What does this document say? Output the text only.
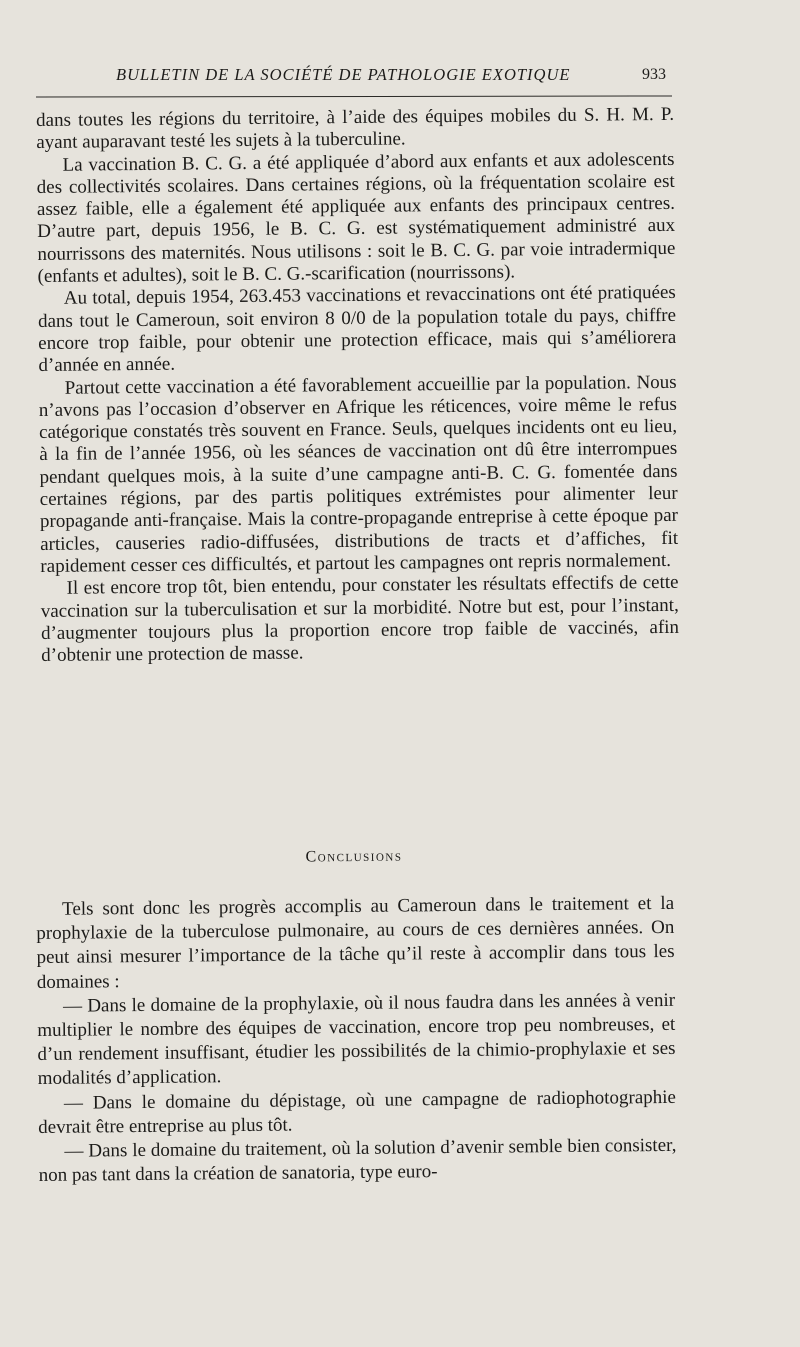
BULLETIN DE LA SOCIÉTÉ DE PATHOLOGIE EXOTIQUE	933

dans toutes les régions du territoire, à l’aide des équipes mobiles du S. H. M. P. ayant auparavant testé les sujets à la tuberculine.

La vaccination B. C. G. a été appliquée d’abord aux enfants et aux adolescents des collectivités scolaires. Dans certaines régions, où la fréquentation scolaire est assez faible, elle a également été appliquée aux enfants des principaux centres. D’autre part, depuis 1956, le B. C. G. est systématiquement administré aux nourrissons des maternités. Nous utilisons : soit le B. C. G. par voie intradermique (enfants et adultes), soit le B. C. G.-scarification (nourrissons).

Au total, depuis 1954, 263.453 vaccinations et revaccinations ont été pratiquées dans tout le Cameroun, soit environ 8 0/0 de la population totale du pays, chiffre encore trop faible, pour obtenir une protection efficace, mais qui s’améliorera d’année en année.

Partout cette vaccination a été favorablement accueillie par la population. Nous n’avons pas l’occasion d’observer en Afrique les réticences, voire même le refus catégorique constatés très souvent en France. Seuls, quelques incidents ont eu lieu, à la fin de l’année 1956, où les séances de vaccination ont dû être interrompues pendant quelques mois, à la suite d’une campagne anti-B. C. G. fomentée dans certaines régions, par des partis politiques extrémistes pour alimenter leur propagande anti-française. Mais la contre-propagande entreprise à cette époque par articles, causeries radio-diffusées, distributions de tracts et d’affiches, fit rapidement cesser ces difficultés, et partout les campagnes ont repris normalement.

Il est encore trop tôt, bien entendu, pour constater les résultats effectifs de cette vaccination sur la tuberculisation et sur la morbidité. Notre but est, pour l’instant, d’augmenter toujours plus la proportion encore trop faible de vaccinés, afin d’obtenir une protection de masse.

Conclusions

Tels sont donc les progrès accomplis au Cameroun dans le traitement et la prophylaxie de la tuberculose pulmonaire, au cours de ces dernières années. On peut ainsi mesurer l’importance de la tâche qu’il reste à accomplir dans tous les domaines :

— Dans le domaine de la prophylaxie, où il nous faudra dans les années à venir multiplier le nombre des équipes de vaccination, encore trop peu nombreuses, et d’un rendement insuffisant, étudier les possibilités de la chimio-prophylaxie et ses modalités d’application.

— Dans le domaine du dépistage, où une campagne de radiophotographie devrait être entreprise au plus tôt.

— Dans le domaine du traitement, où la solution d’avenir semble bien consister, non pas tant dans la création de sanatoria, type euro-
